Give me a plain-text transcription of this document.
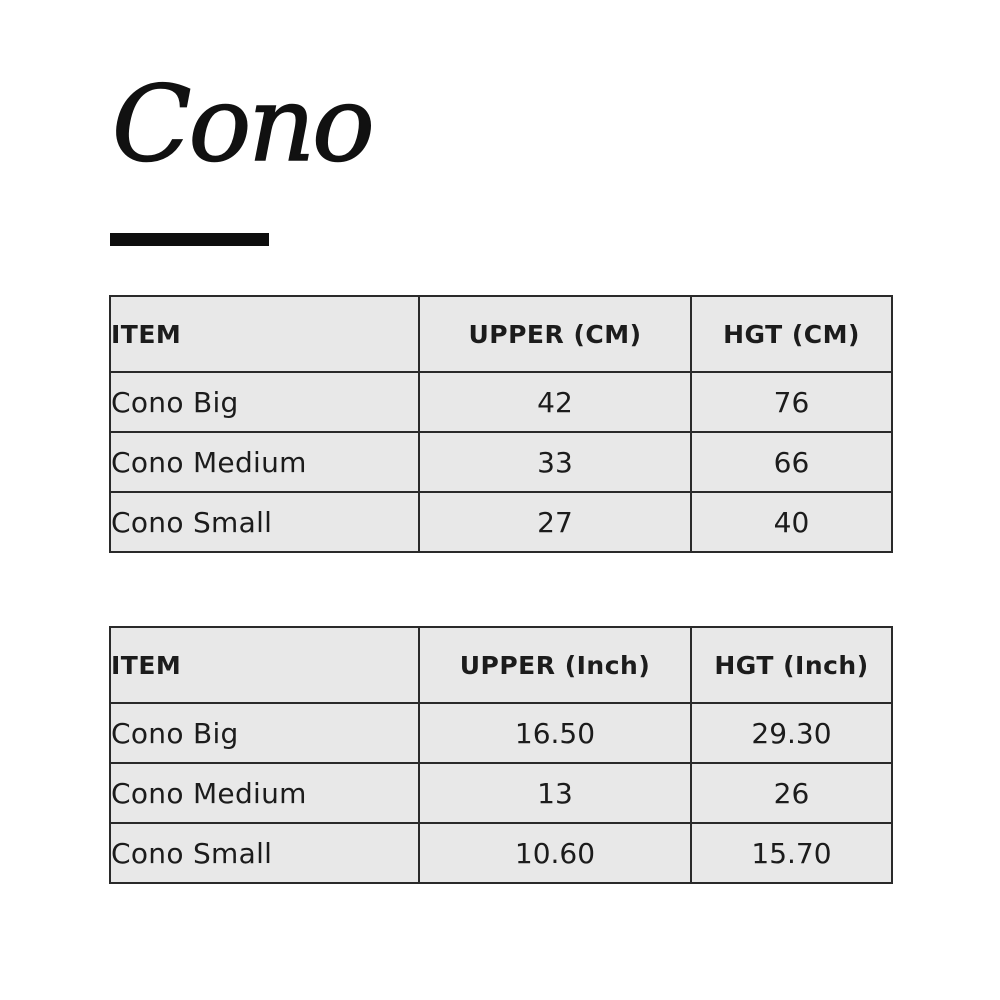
Cono
ITEM	UPPER (CM)	HGT (CM)
Cono Big	42	76
Cono Medium	33	66
Cono Small	27	40
ITEM	UPPER (Inch)	HGT (Inch)
Cono Big	16.50	29.30
Cono Medium	13	26
Cono Small	10.60	15.70
